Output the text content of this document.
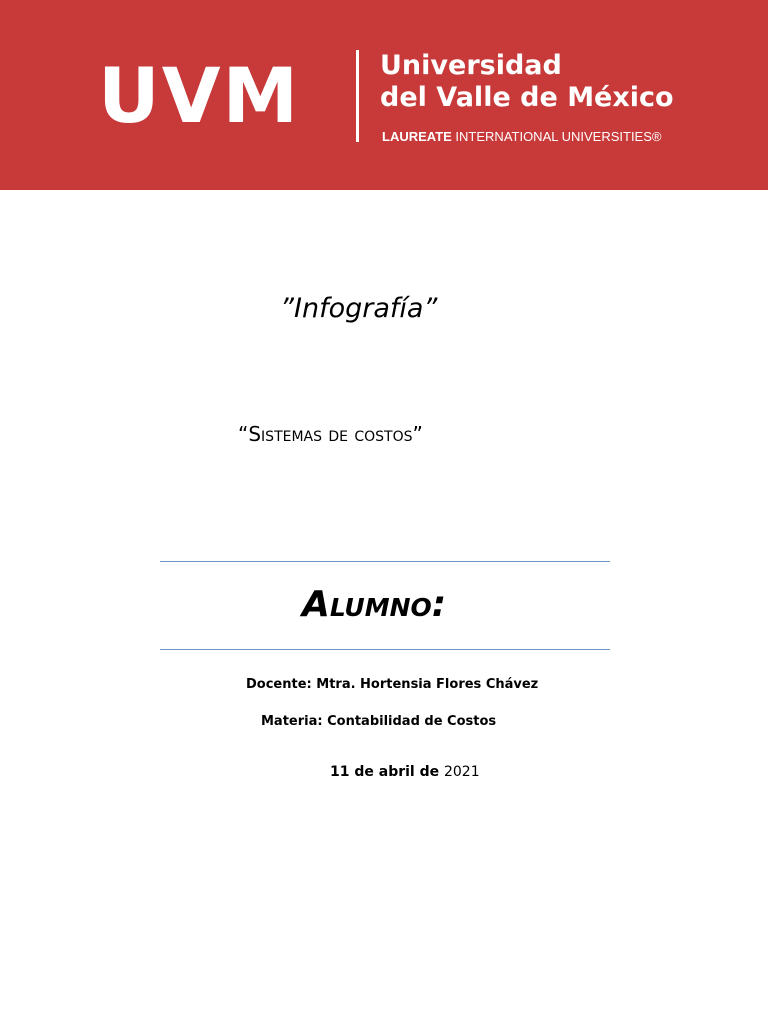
UVM	Universidad
del Valle de México
LAUREATE INTERNATIONAL UNIVERSITIES®
”Infografía”
“Sistemas de costos”
Alumno:
Docente: Mtra. Hortensia Flores Chávez
Materia: Contabilidad de Costos
11 de abril de 2021
